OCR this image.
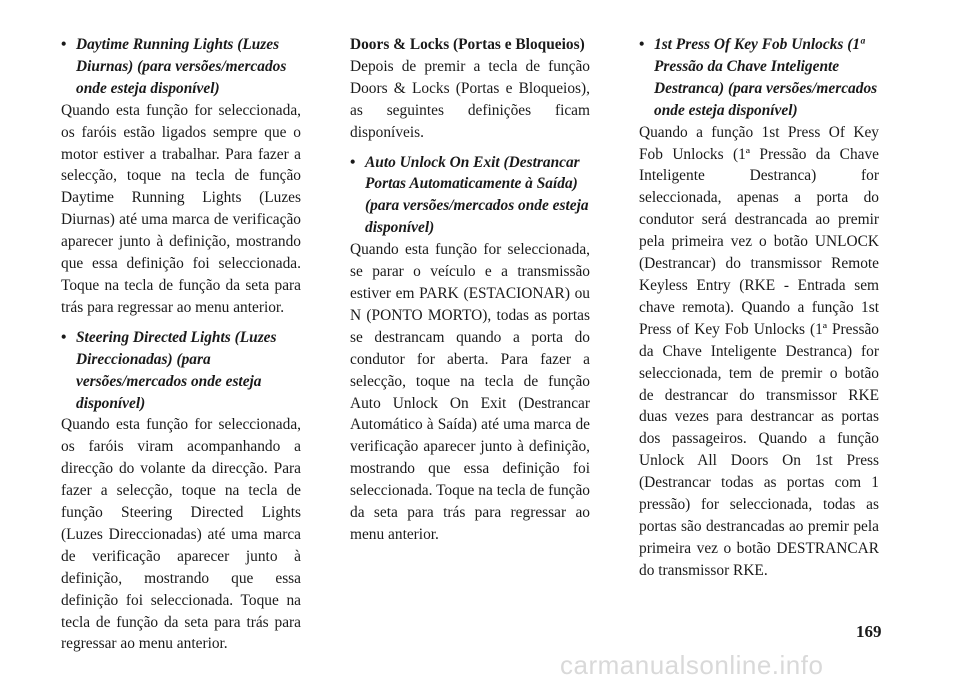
• Daytime Running Lights (Luzes Diurnas) (para versões/mercados onde esteja disponível)
Quando esta função for seleccionada, os faróis estão ligados sempre que o motor estiver a trabalhar. Para fazer a selecção, toque na tecla de função Daytime Running Lights (Luzes Diurnas) até uma marca de verificação aparecer junto à definição, mostrando que essa definição foi seleccionada. Toque na tecla de função da seta para trás para regressar ao menu anterior.
• Steering Directed Lights (Luzes Direccionadas) (para versões/mercados onde esteja disponível)
Quando esta função for seleccionada, os faróis viram acompanhando a direcção do volante da direcção. Para fazer a selecção, toque na tecla de função Steering Directed Lights (Luzes Direccionadas) até uma marca de verificação aparecer junto à definição, mostrando que essa definição foi seleccionada. Toque na tecla de função da seta para trás para regressar ao menu anterior.
Doors & Locks (Portas e Bloqueios)
Depois de premir a tecla de função Doors & Locks (Portas e Bloqueios), as seguintes definições ficam disponíveis.
• Auto Unlock On Exit (Destrancar Portas Automaticamente à Saída) (para versões/mercados onde esteja disponível)
Quando esta função for seleccionada, se parar o veículo e a transmissão estiver em PARK (ESTACIONAR) ou N (PONTO MORTO), todas as portas se destrancam quando a porta do condutor for aberta. Para fazer a selecção, toque na tecla de função Auto Unlock On Exit (Destrancar Automático à Saída) até uma marca de verificação aparecer junto à definição, mostrando que essa definição foi seleccionada. Toque na tecla de função da seta para trás para regressar ao menu anterior.
• 1st Press Of Key Fob Unlocks (1ª Pressão da Chave Inteligente Destranca) (para versões/mercados onde esteja disponível)
Quando a função 1st Press Of Key Fob Unlocks (1ª Pressão da Chave Inteligente Destranca) for seleccionada, apenas a porta do condutor será destrancada ao premir pela primeira vez o botão UNLOCK (Destrancar) do transmissor Remote Keyless Entry (RKE - Entrada sem chave remota). Quando a função 1st Press of Key Fob Unlocks (1ª Pressão da Chave Inteligente Destranca) for seleccionada, tem de premir o botão de destrancar do transmissor RKE duas vezes para destrancar as portas dos passageiros. Quando a função Unlock All Doors On 1st Press (Destrancar todas as portas com 1 pressão) for seleccionada, todas as portas são destrancadas ao premir pela primeira vez o botão DESTRANCAR do transmissor RKE.
169
carmanualsonline.info
